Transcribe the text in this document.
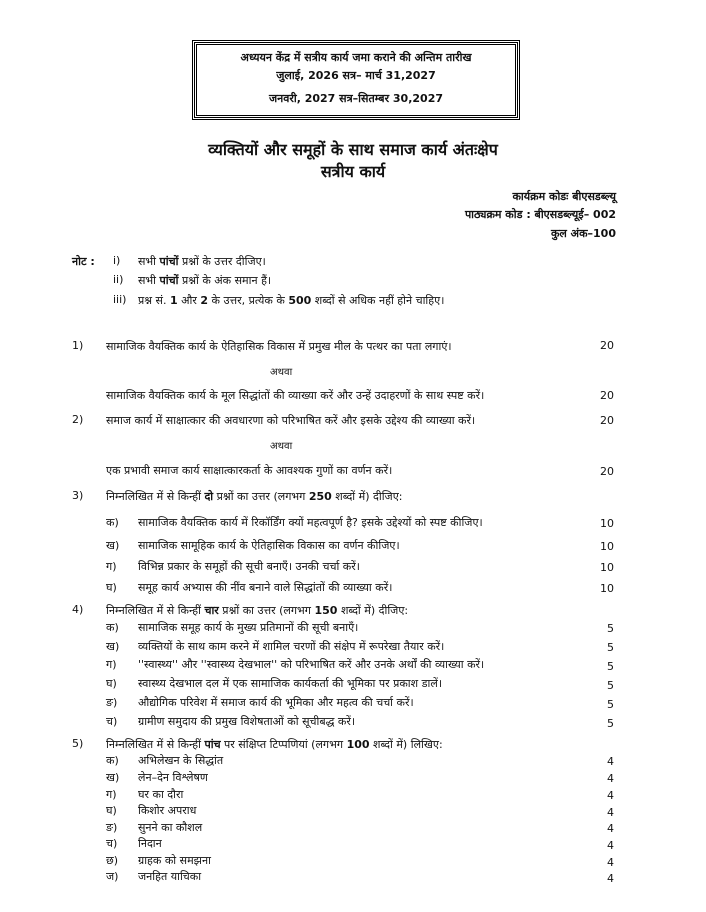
अध्ययन केंद्र में सत्रीय कार्य जमा कराने की अन्तिम तारीख
जुलाई, 2026 सत्र– मार्च 31,2027
जनवरी, 2027 सत्र–सितम्बर 30,2027
व्यक्तियों और समूहों के साथ समाज कार्य अंतःक्षेप
सत्रीय कार्य
कार्यक्रम कोडः बीएसडब्ल्यू
पाठ्यक्रम कोड : बीएसडब्ल्यूई– 002
कुल अंक–100
नोट : i) सभी पांचों प्रश्नों के उत्तर दीजिए।
ii) सभी पांचों प्रश्नों के अंक समान हैं।
iii) प्रश्न सं. 1 और 2 के उत्तर, प्रत्येक के 500 शब्दों से अधिक नहीं होने चाहिए।
1) सामाजिक वैयक्तिक कार्य के ऐतिहासिक विकास में प्रमुख मील के पत्थर का पता लगाएं।	20
अथवा
सामाजिक वैयक्तिक कार्य के मूल सिद्धांतों की व्याख्या करें और उन्हें उदाहरणों के साथ स्पष्ट करें।	20
2) समाज कार्य में साक्षात्कार की अवधारणा को परिभाषित करें और इसके उद्देश्य की व्याख्या करें।	20
अथवा
एक प्रभावी समाज कार्य साक्षात्कारकर्ता के आवश्यक गुणों का वर्णन करें।	20
3) निम्नलिखित में से किन्हीं दो प्रश्नों का उत्तर (लगभग 250 शब्दों में) दीजिए:
क) सामाजिक वैयक्तिक कार्य में रिकॉर्डिंग क्यों महत्वपूर्ण है? इसके उद्देश्यों को स्पष्ट कीजिए।	10
ख) सामाजिक सामूहिक कार्य के ऐतिहासिक विकास का वर्णन कीजिए।	10
ग) विभिन्न प्रकार के समूहों की सूची बनाएँ। उनकी चर्चा करें।	10
घ) समूह कार्य अभ्यास की नींव बनाने वाले सिद्धांतों की व्याख्या करें।	10
4) निम्नलिखित में से किन्हीं चार प्रश्नों का उत्तर (लगभग 150 शब्दों में) दीजिए:
क) सामाजिक समूह कार्य के मुख्य प्रतिमानों की सूची बनाएँ।	5
ख) व्यक्तियों के साथ काम करने में शामिल चरणों की संक्षेप में रूपरेखा तैयार करें।	5
ग) ''स्वास्थ्य'' और ''स्वास्थ्य देखभाल'' को परिभाषित करें और उनके अर्थों की व्याख्या करें।	5
घ) स्वास्थ्य देखभाल दल में एक सामाजिक कार्यकर्ता की भूमिका पर प्रकाश डालें।	5
ङ) औद्योगिक परिवेश में समाज कार्य की भूमिका और महत्व की चर्चा करें।	5
च) ग्रामीण समुदाय की प्रमुख विशेषताओं को सूचीबद्ध करें।	5
5) निम्नलिखित में से किन्हीं पांच पर संक्षिप्त टिप्पणियां (लगभग 100 शब्दों में) लिखिए:
क) अभिलेखन के सिद्धांत	4
ख) लेन–देन विश्लेषण	4
ग) घर का दौरा	4
घ) किशोर अपराध	4
ङ) सुनने का कौशल	4
च) निदान	4
छ) ग्राहक को समझना	4
ज) जनहित याचिका	4
